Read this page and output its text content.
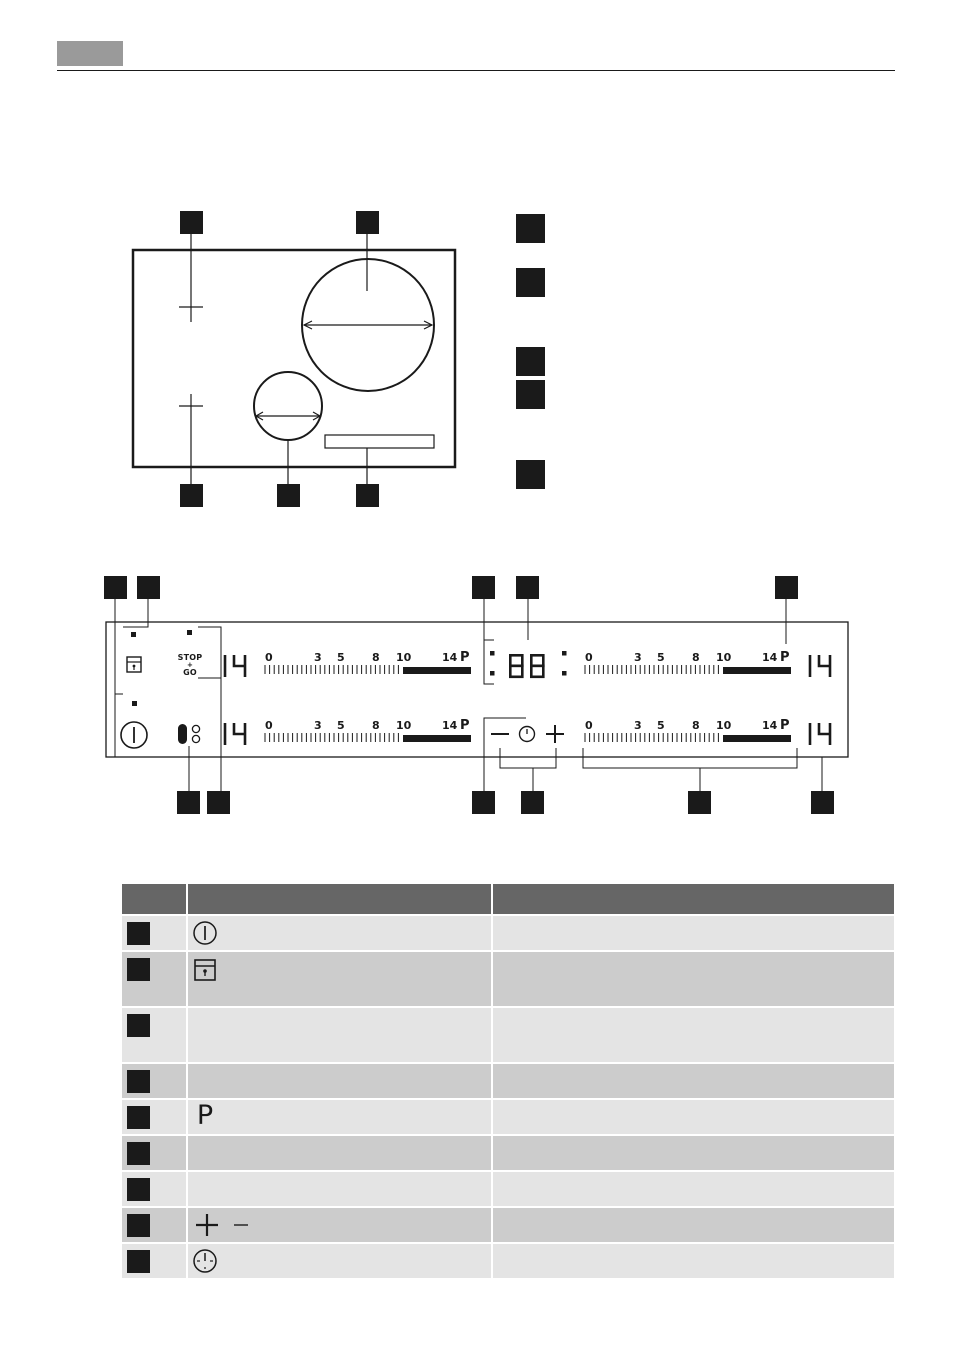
0	3 5 8 10	14 P
0	3 5 8 10	14 P
0	3 5 8 10	14 P
0	3 5 8 10	14 P
STOP
+
GO

	P	
